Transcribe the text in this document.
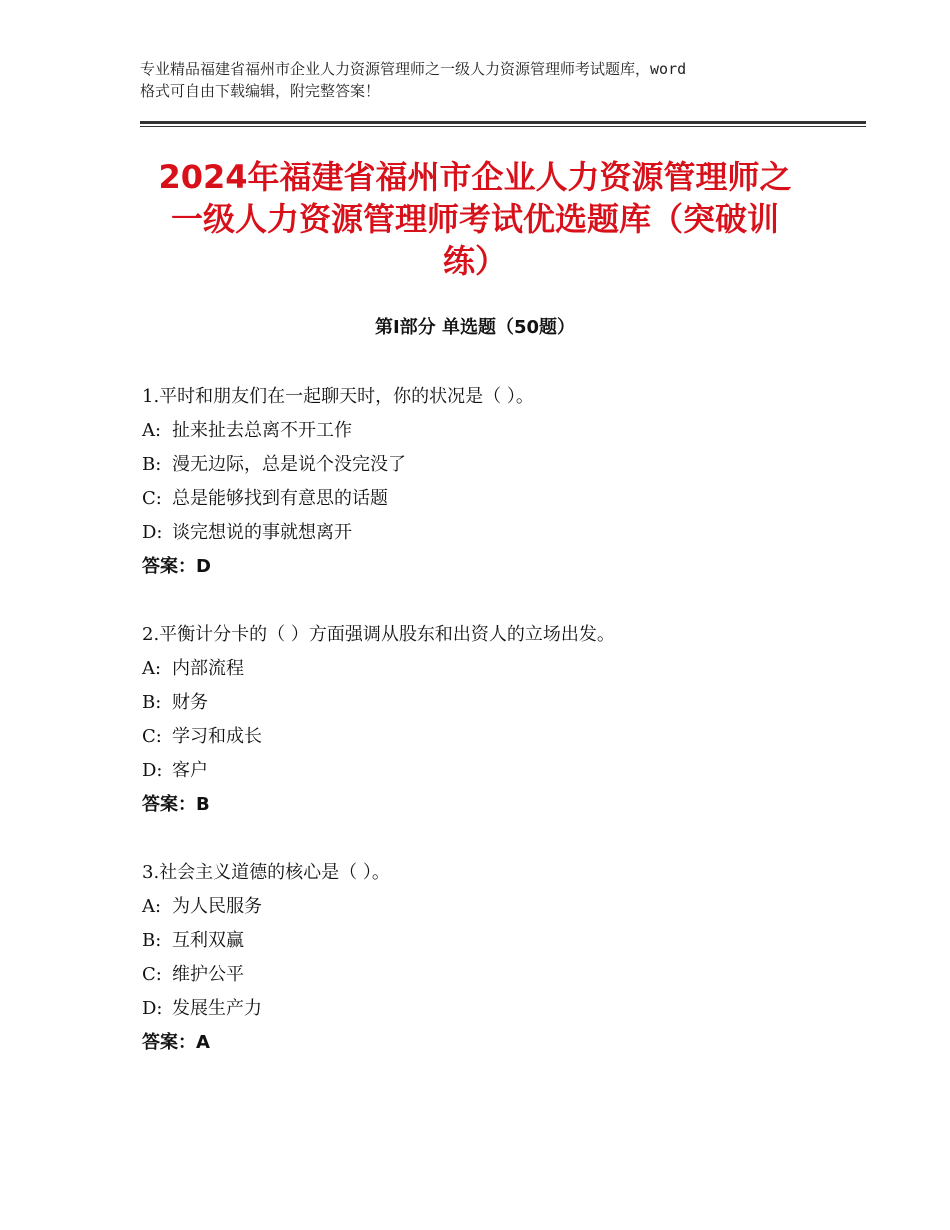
专业精品福建省福州市企业人力资源管理师之一级人力资源管理师考试题库，word
格式可自由下载编辑，附完整答案！
2024年福建省福州市企业人力资源管理师之
一级人力资源管理师考试优选题库（突破训
练）
第Ⅰ部分 单选题（50题）
1.平时和朋友们在一起聊天时，你的状况是（ ）。
A: 扯来扯去总离不开工作
B: 漫无边际，总是说个没完没了
C: 总是能够找到有意思的话题
D: 谈完想说的事就想离开
答案：D
2.平衡计分卡的（ ）方面强调从股东和出资人的立场出发。
A: 内部流程
B: 财务
C: 学习和成长
D: 客户
答案：B
3.社会主义道德的核心是（ ）。
A: 为人民服务
B: 互利双赢
C: 维护公平
D: 发展生产力
答案：A
